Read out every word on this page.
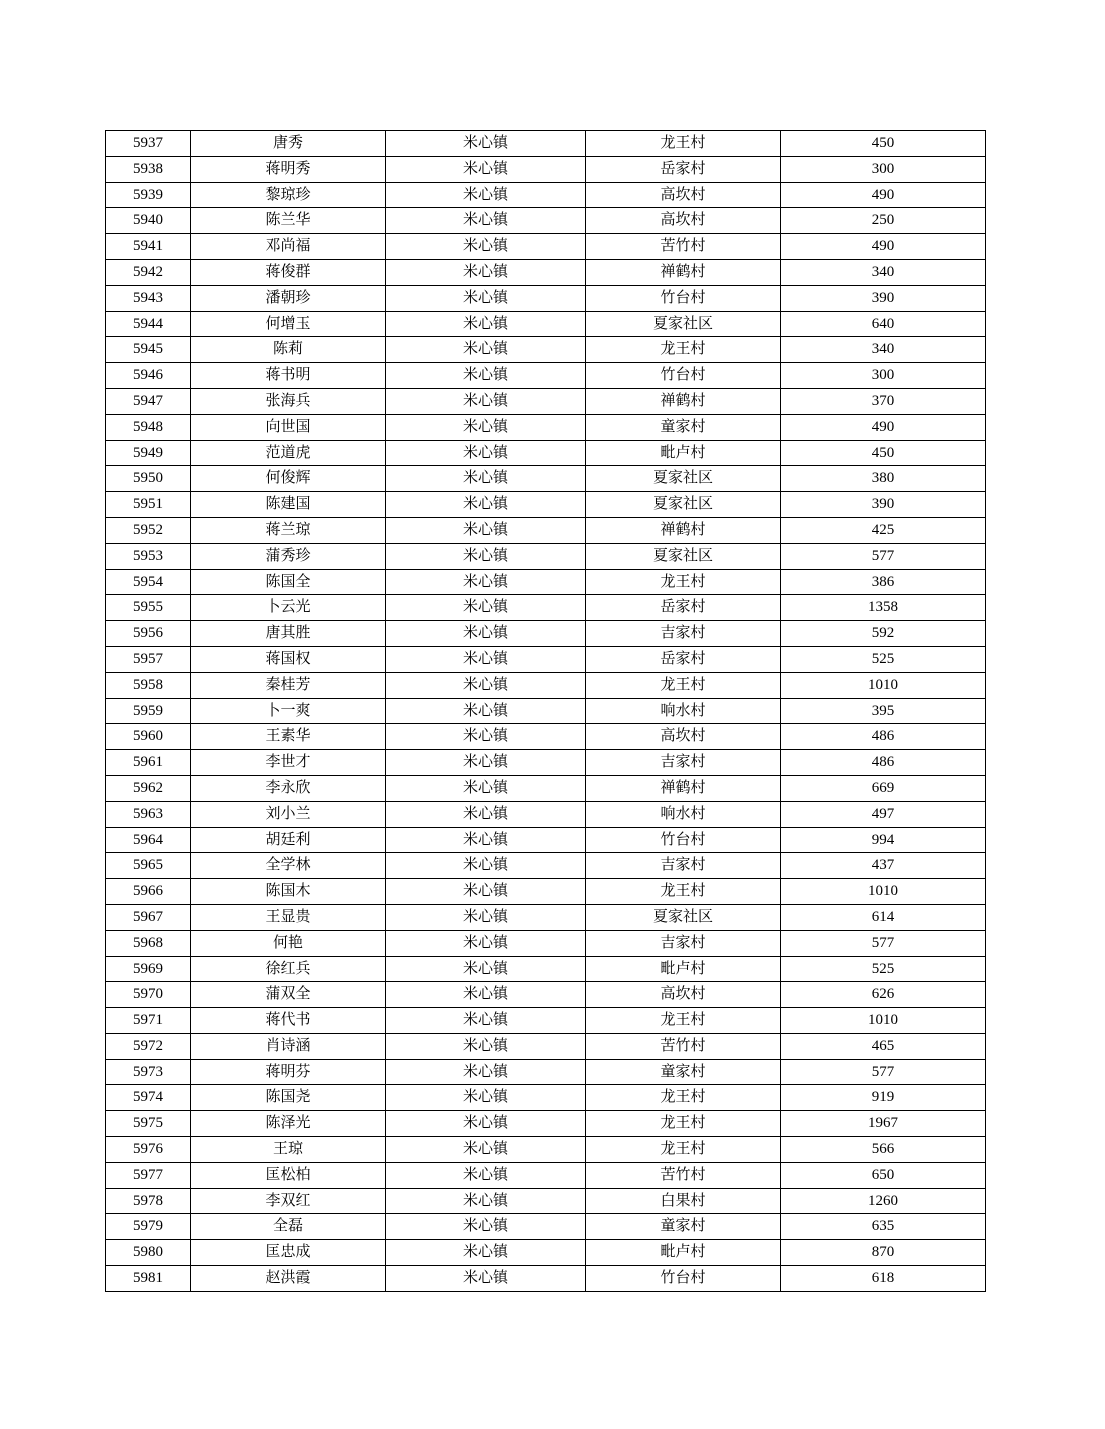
5937	唐秀	米心镇	龙王村	450
5938	蒋明秀	米心镇	岳家村	300
5939	黎琼珍	米心镇	高坎村	490
5940	陈兰华	米心镇	高坎村	250
5941	邓尚福	米心镇	苦竹村	490
5942	蒋俊群	米心镇	禅鹤村	340
5943	潘朝珍	米心镇	竹台村	390
5944	何增玉	米心镇	夏家社区	640
5945	陈莉	米心镇	龙王村	340
5946	蒋书明	米心镇	竹台村	300
5947	张海兵	米心镇	禅鹤村	370
5948	向世国	米心镇	童家村	490
5949	范道虎	米心镇	毗卢村	450
5950	何俊辉	米心镇	夏家社区	380
5951	陈建国	米心镇	夏家社区	390
5952	蒋兰琼	米心镇	禅鹤村	425
5953	蒲秀珍	米心镇	夏家社区	577
5954	陈国全	米心镇	龙王村	386
5955	卜云光	米心镇	岳家村	1358
5956	唐其胜	米心镇	吉家村	592
5957	蒋国权	米心镇	岳家村	525
5958	秦桂芳	米心镇	龙王村	1010
5959	卜一爽	米心镇	响水村	395
5960	王素华	米心镇	高坎村	486
5961	李世才	米心镇	吉家村	486
5962	李永欣	米心镇	禅鹤村	669
5963	刘小兰	米心镇	响水村	497
5964	胡廷利	米心镇	竹台村	994
5965	全学林	米心镇	吉家村	437
5966	陈国木	米心镇	龙王村	1010
5967	王显贵	米心镇	夏家社区	614
5968	何艳	米心镇	吉家村	577
5969	徐红兵	米心镇	毗卢村	525
5970	蒲双全	米心镇	高坎村	626
5971	蒋代书	米心镇	龙王村	1010
5972	肖诗涵	米心镇	苦竹村	465
5973	蒋明芬	米心镇	童家村	577
5974	陈国尧	米心镇	龙王村	919
5975	陈泽光	米心镇	龙王村	1967
5976	王琼	米心镇	龙王村	566
5977	匡松柏	米心镇	苦竹村	650
5978	李双红	米心镇	白果村	1260
5979	全磊	米心镇	童家村	635
5980	匡忠成	米心镇	毗卢村	870
5981	赵洪霞	米心镇	竹台村	618
